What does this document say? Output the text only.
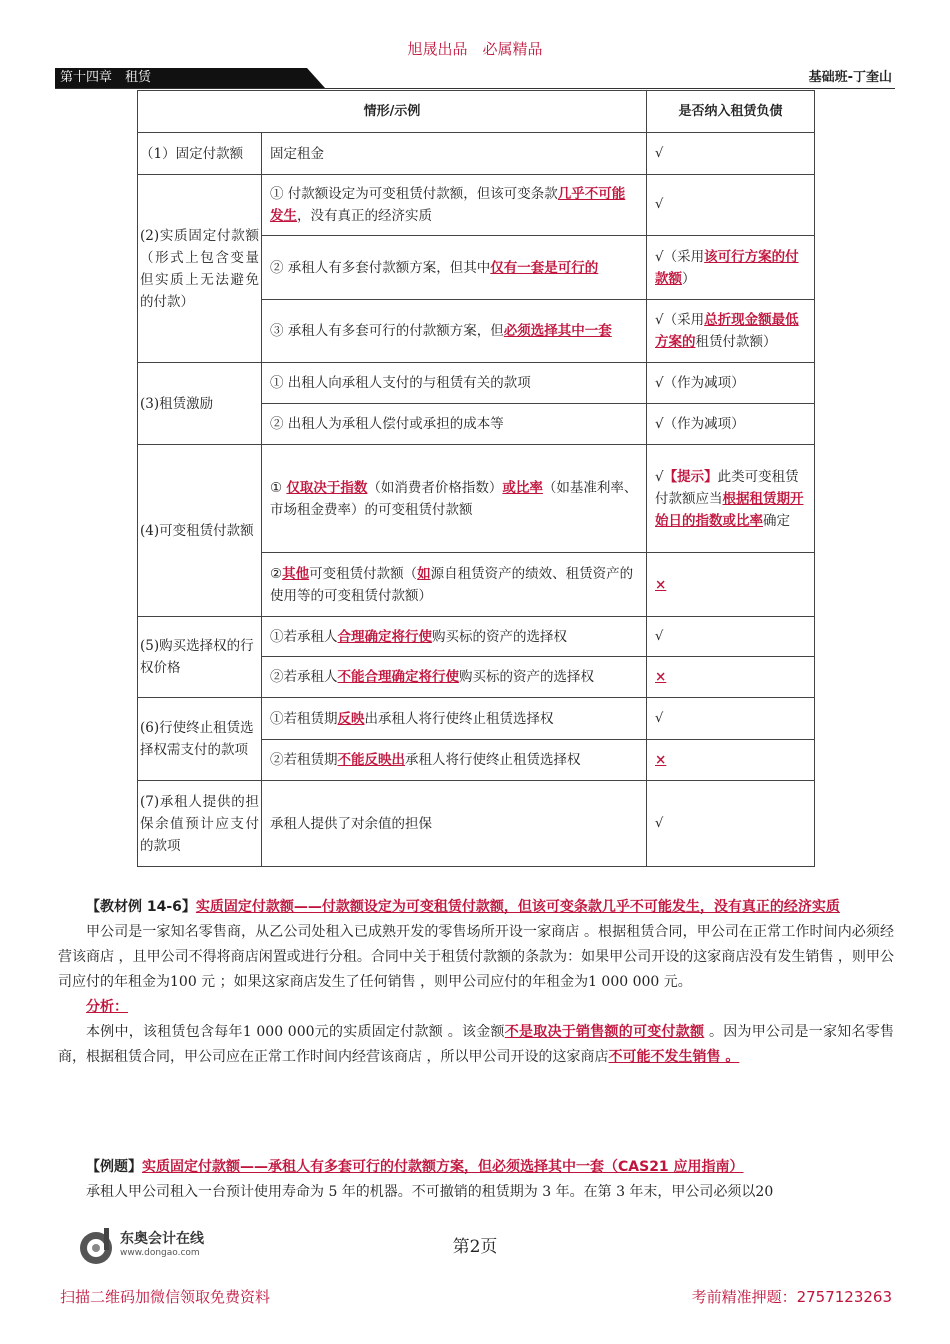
旭晟出品　必属精品
第十四章　租赁	基础班-丁奎山
情形/示例		是否纳入租赁负债
（1）固定付款额	固定租金	√
(2)实质固定付款额（形式上包含变量但实质上无法避免的付款）	① 付款额设定为可变租赁付款额，但该可变条款几乎不可能发生，没有真正的经济实质	√
	② 承租人有多套付款额方案，但其中仅有一套是可行的	√（采用该可行方案的付款额）
	③ 承租人有多套可行的付款额方案，但必须选择其中一套	√（采用总折现金额最低方案的租赁付款额）
(3)租赁激励	① 出租人向承租人支付的与租赁有关的款项	√（作为减项）
	② 出租人为承租人偿付或承担的成本等	√（作为减项）
(4)可变租赁付款额	① 仅取决于指数（如消费者价格指数）或比率（如基准利率、市场租金费率）的可变租赁付款额	√【提示】此类可变租赁付款额应当根据租赁期开始日的指数或比率确定
	②其他可变租赁付款额（如源自租赁资产的绩效、租赁资产的使用等的可变租赁付款额）	×
(5)购买选择权的行权价格	①若承租人合理确定将行使购买标的资产的选择权	√
	②若承租人不能合理确定将行使购买标的资产的选择权	×
(6)行使终止租赁选择权需支付的款项	①若租赁期反映出承租人将行使终止租赁选择权	√
	②若租赁期不能反映出承租人将行使终止租赁选择权	×
(7)承租人提供的担保余值预计应支付的款项	承租人提供了对余值的担保	√
【教材例 14-6】实质固定付款额——付款额设定为可变租赁付款额，但该可变条款几乎不可能发生，没有真正的经济实质
甲公司是一家知名零售商，从乙公司处租入已成熟开发的零售场所开设一家商店 。根据租赁合同，甲公司在正常工作时间内必须经营该商店 ，且甲公司不得将商店闲置或进行分租。合同中关于租赁付款额的条款为：如果甲公司开设的这家商店没有发生销售 ，则甲公司应付的年租金为100 元 ；如果这家商店发生了任何销售 ，则甲公司应付的年租金为1 000 000 元。
分析：
本例中，该租赁包含每年1 000 000元的实质固定付款额 。该金额不是取决于销售额的可变付款额 。因为甲公司是一家知名零售商，根据租赁合同，甲公司应在正常工作时间内经营该商店 ，所以甲公司开设的这家商店不可能不发生销售 。
【例题】实质固定付款额——承租人有多套可行的付款额方案，但必须选择其中一套（CAS21 应用指南）
承租人甲公司租入一台预计使用寿命为 5 年的机器。不可撤销的租赁期为 3 年。在第 3 年末，甲公司必须以20
东奥会计在线
www.dongao.com	第2页
扫描二维码加微信领取免费资料	考前精准押题：2757123263
